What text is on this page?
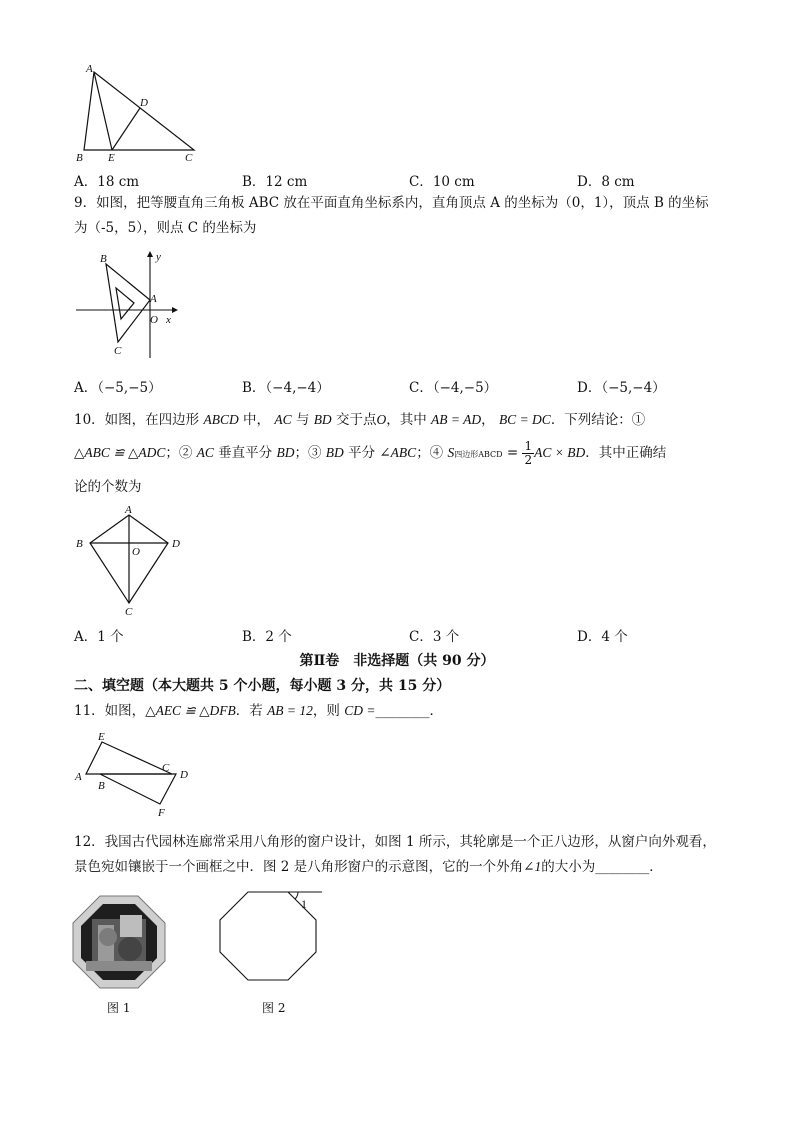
A
D
B E	C
A．18 cm	B．12 cm	C．10 cm	D．8 cm
9．如图，把等腰直角三角板 ABC 放在平面直角坐标系内，直角顶点 A 的坐标为（0，1），顶点 B 的坐标
为（-5，5），则点 C 的坐标为
B	y
A
O x
C
A．（−5,−5）	B．（−4,−4）	C．（−4,−5）	D．（−5,−4）
10．如图，在四边形 ABCD 中， AC 与 BD 交于点O，其中 AB = AD， BC = DC．下列结论：①
△ABC ≌ △ADC；② AC 垂直平分 BD；③ BD 平分 ∠ABC；④ S四边形ABCD = $\frac{1}{2}$ AC × BD．其中正确结
论的个数为
A
B
O
D
C
A．1 个	B．2 个	C．3 个	D．4 个
第Ⅱ卷　非选择题（共 90 分）
二、填空题（本大题共 5 个小题，每小题 3 分，共 15 分）
11．如图，△AEC ≌ △DFB．若 AB = 12，则 CD =________．
E
C
D
A
B
F
12．我国古代园林连廊常采用八角形的窗户设计，如图 1 所示，其轮廓是一个正八边形，从窗户向外观看，
景色宛如镶嵌于一个画框之中．图 2 是八角形窗户的示意图，它的一个外角∠1的大小为________．
1
图 1	图 2
